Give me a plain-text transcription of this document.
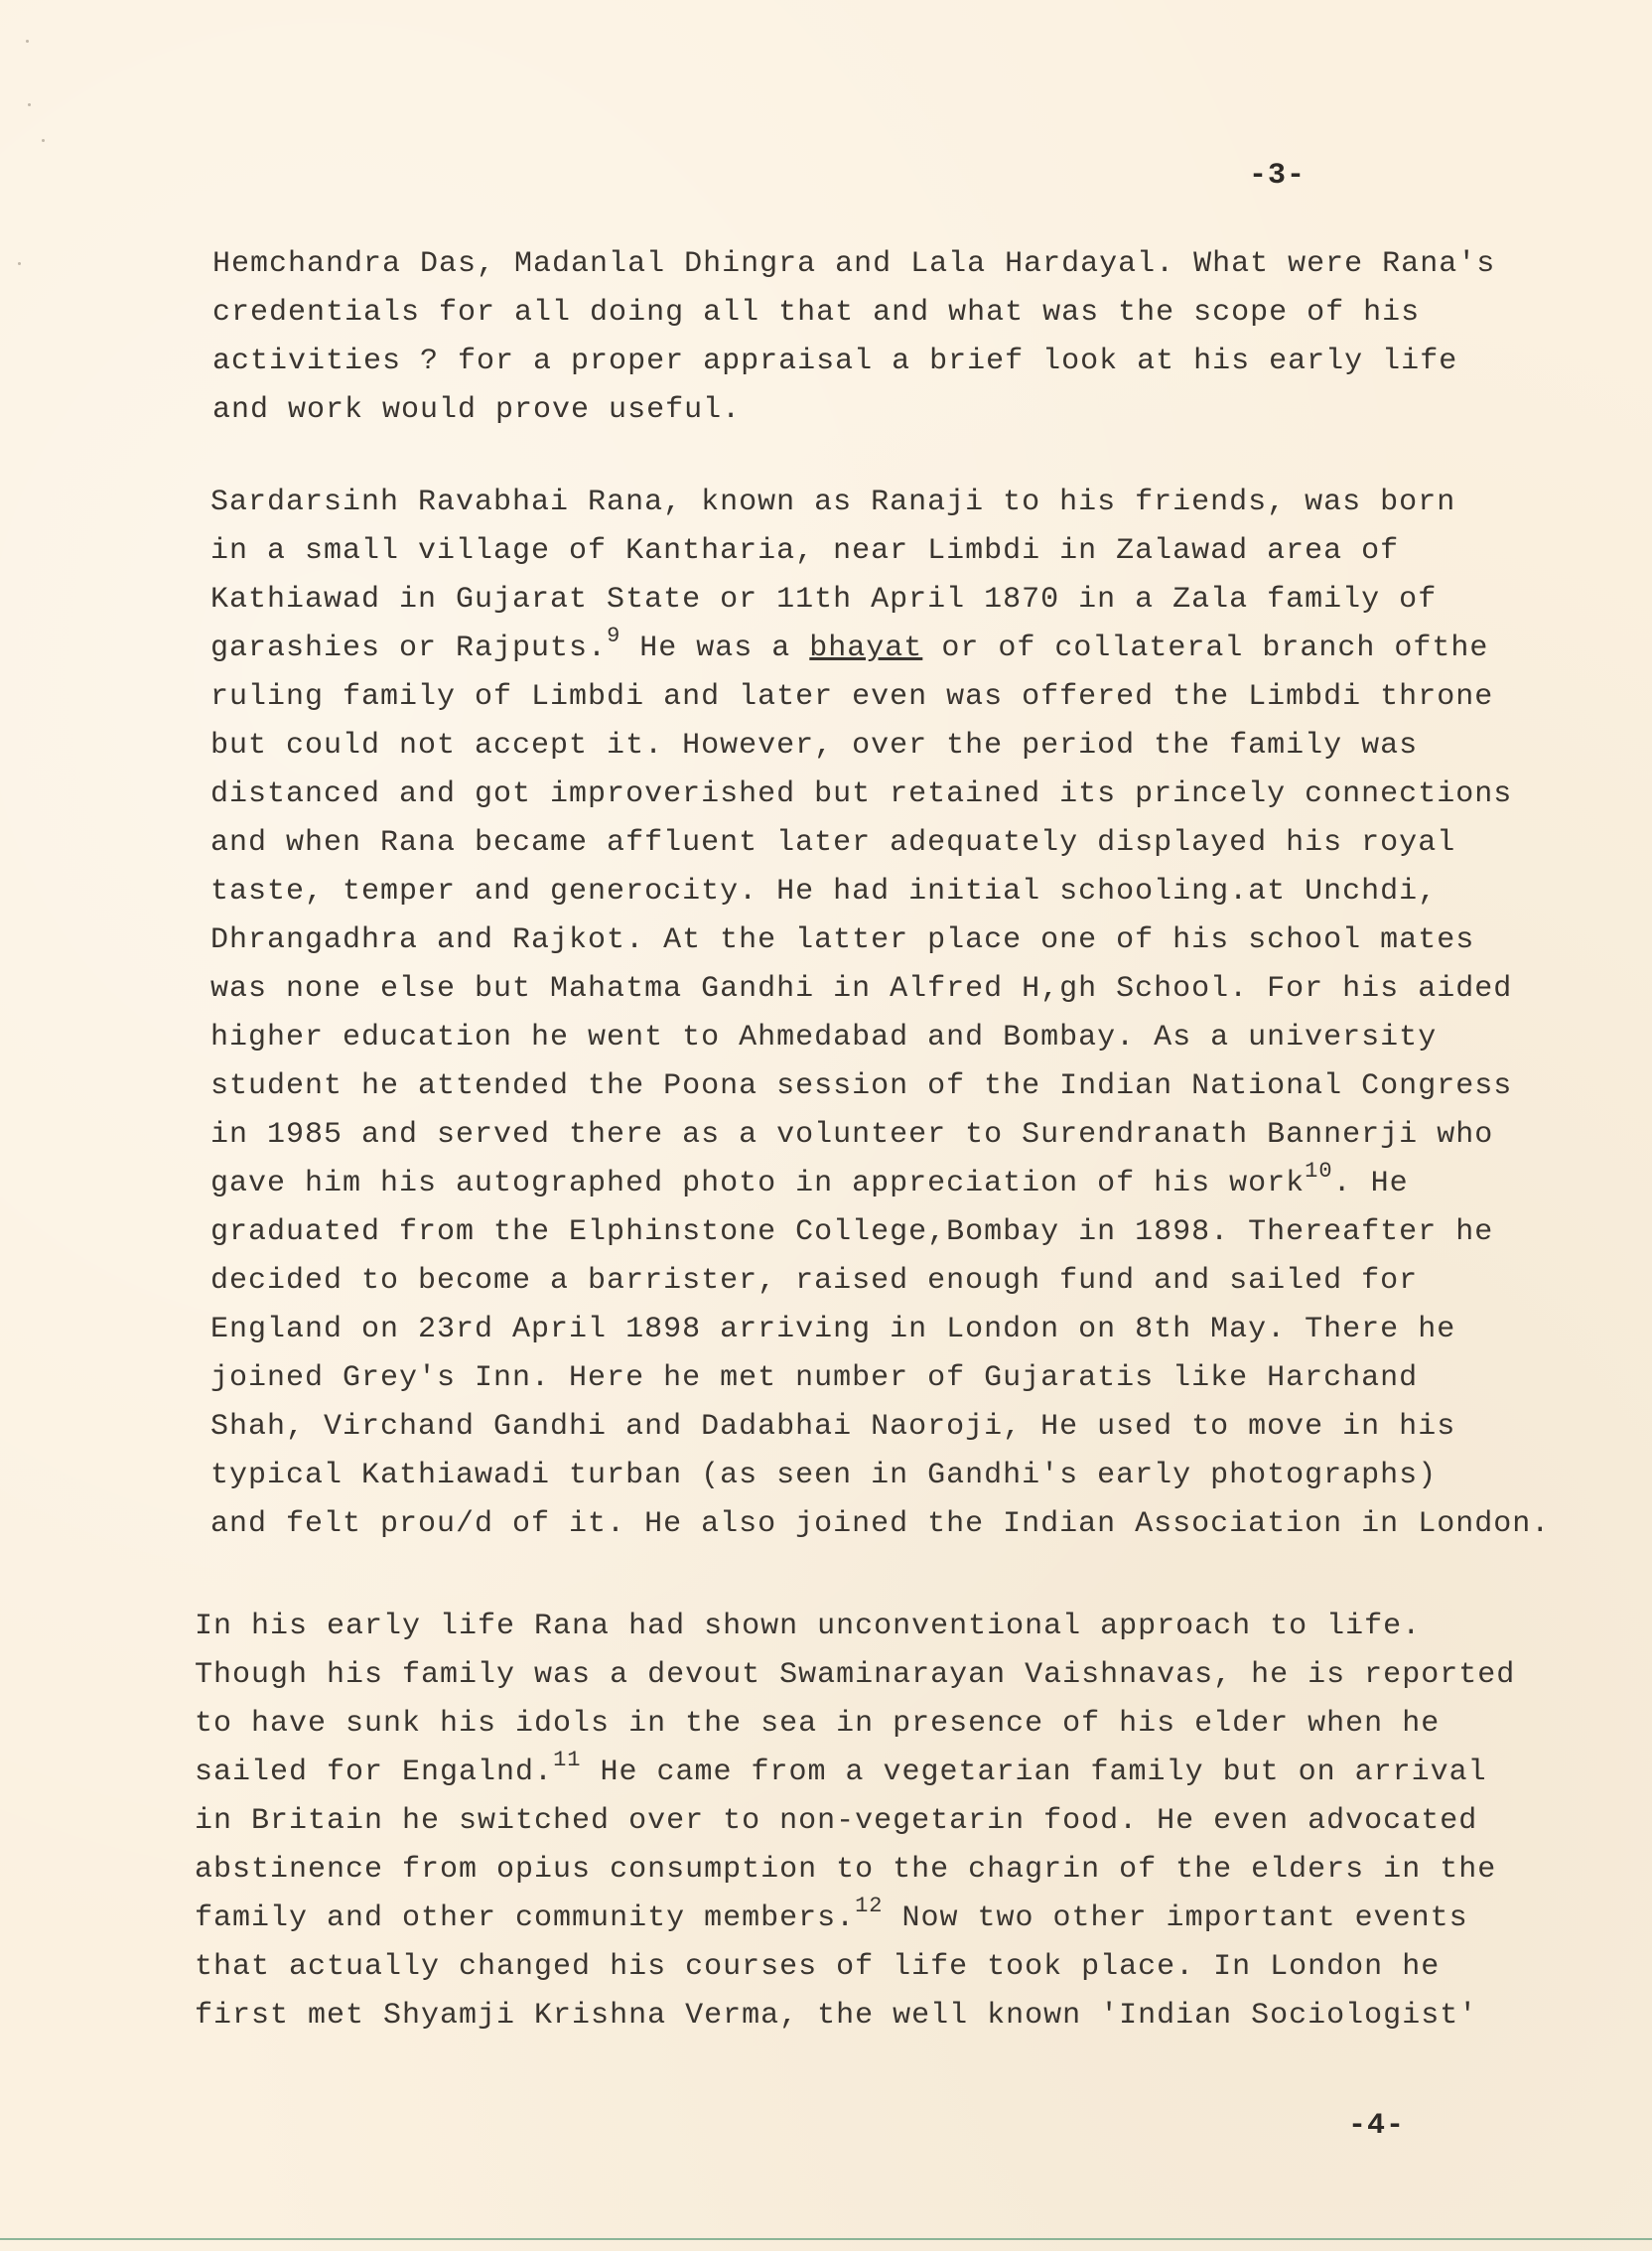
-3-
Hemchandra Das, Madanlal Dhingra and Lala Hardayal. What were Rana's
credentials for all doing all that and what was the scope of his
activities ? for a proper appraisal a brief look at his early life
and work would prove useful.
Sardarsinh Ravabhai Rana, known as Ranaji to his friends, was born
in a small village of Kantharia, near Limbdi in Zalawad area of
Kathiawad in Gujarat State or 11th April 1870 in a Zala family of
garashies or Rajputs.$^9$ He was a bhayat or of collateral branch ofthe
ruling family of Limbdi and later even was offered the Limbdi throne
but could not accept it. However, over the period the family was
distanced and got improverished but retained its princely connections
and when Rana became affluent later adequately displayed his royal
taste, temper and generocity. He had initial schooling.at Unchdi,
Dhrangadhra and Rajkot. At the latter place one of his school mates
was none else but Mahatma Gandhi in Alfred H,gh School. For his aided
higher education he went to Ahmedabad and Bombay. As a university
student he attended the Poona session of the Indian National Congress
in 1985 and served there as a volunteer to Surendranath Bannerji who
gave him his autographed photo in appreciation of his work$^{10}$. He
graduated from the Elphinstone College,Bombay in 1898. Thereafter he
decided to become a barrister, raised enough fund and sailed for
England on 23rd April 1898 arriving in London on 8th May. There he
joined Grey's Inn. Here he met number of Gujaratis like Harchand
Shah, Virchand Gandhi and Dadabhai Naoroji, He used to move in his
typical Kathiawadi turban (as seen in Gandhi's early photographs)
and felt prou/d of it. He also joined the Indian Association in London.
In his early life Rana had shown unconventional approach to life.
Though his family was a devout Swaminarayan Vaishnavas, he is reported
to have sunk his idols in the sea in presence of his elder when he
sailed for Engalnd.$^{11}$ He came from a vegetarian family but on arrival
in Britain he switched over to non-vegetarin food. He even advocated
abstinence from opius consumption to the chagrin of the elders in the
family and other community members.$^{12}$ Now two other important events
that actually changed his courses of life took place. In London he
first met Shyamji Krishna Verma, the well known 'Indian Sociologist'
-4-
